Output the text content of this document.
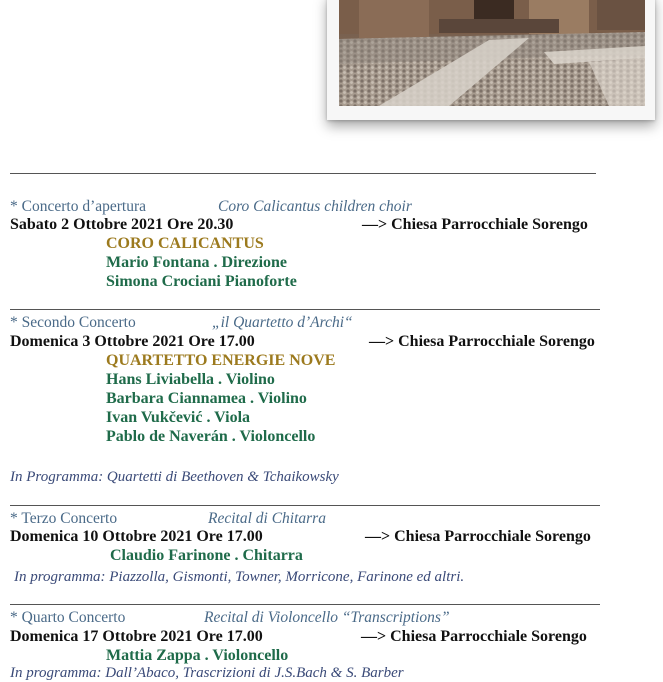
* Concerto d’apertura	Coro Calicantus children choir
Sabato 2 Ottobre 2021 Ore 20.30	—> Chiesa Parrocchiale Sorengo
CORO CALICANTUS
Mario Fontana . Direzione
Simona Crociani Pianoforte
* Secondo Concerto	„il Quartetto d’Archi“
Domenica 3 Ottobre 2021 Ore 17.00	—> Chiesa Parrocchiale Sorengo
QUARTETTO ENERGIE NOVE
Hans Liviabella . Violino
Barbara Ciannamea . Violino
Ivan Vukčević . Viola
Pablo de Naverán . Violoncello
In Programma: Quartetti di Beethoven & Tchaikowsky
* Terzo Concerto	Recital di Chitarra
Domenica 10 Ottobre 2021 Ore 17.00	—> Chiesa Parrocchiale Sorengo
Claudio Farinone . Chitarra
In programma: Piazzolla, Gismonti, Towner, Morricone, Farinone ed altri.
* Quarto Concerto	Recital di Violoncello “Transcriptions”
Domenica 17 Ottobre 2021 Ore 17.00	—> Chiesa Parrocchiale Sorengo
Mattia Zappa . Violoncello
In programma: Dall’Abaco, Trascrizioni di J.S.Bach & S. Barber
